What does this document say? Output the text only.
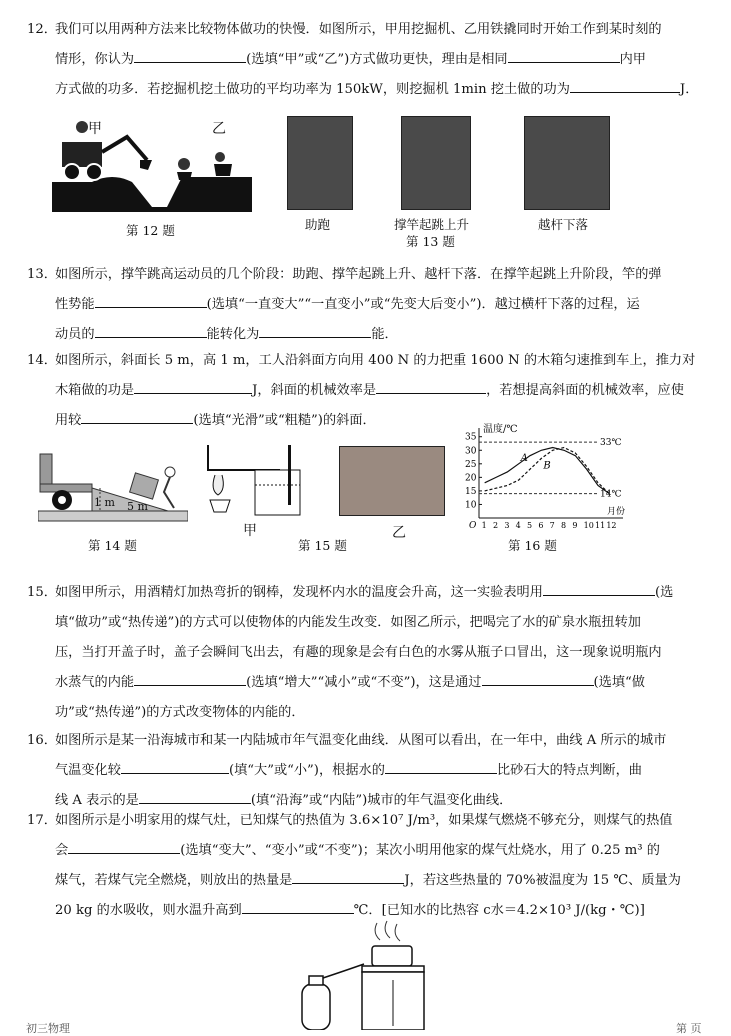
12．
我们可以用两种方法来比较物体做功的快慢．如图所示，甲用挖掘机、乙用铁撬同时开始工作到某时刻的
情形，你认为	(选填“甲”或“乙”)方式做功更快，理由是相同	内甲
方式做的功多．若挖掘机挖土做功的平均功率为 150kW，则挖掘机 1min 挖土做的功为	J．
甲	乙
第 12 题	助跑	撑竿起跳上升	越杆下落
第 13 题
13．
如图所示，撑竿跳高运动员的几个阶段：助跑、撑竿起跳上升、越杆下落．在撑竿起跳上升阶段，竿的弹
性势能	(选填“一直变大”“一直变小”或“先变大后变小”)．越过横杆下落的过程，运
动员的	能转化为	能．
14．
如图所示，斜面长 5 m，高 1 m，工人沿斜面方向用 400 N 的力把重 1600 N 的木箱匀速推到车上，推力对
木箱做的功是	J，斜面的机械效率是	，若想提高斜面的机械效率，应使
用较	(选填“光滑”或“粗糙”)的斜面．
1 m 5 m
第 14 题
甲	乙
第 15 题
温度/℃
月份
O
10
15
20
25
30
35
1 2 3 4 5 6 7 8 9 10 11 12
33℃
14℃
A
B
第 16 题
15．
如图甲所示，用酒精灯加热弯折的钢棒，发现杯内水的温度会升高，这一实验表明用	(选
填“做功”或“热传递”)的方式可以使物体的内能发生改变．如图乙所示，把喝完了水的矿泉水瓶扭转加
压，当打开盖子时，盖子会瞬间飞出去，有趣的现象是会有白色的水雾从瓶子口冒出，这一现象说明瓶内
水蒸气的内能	(选填“增大”“减小”或“不变”)，这是通过	(选填“做
功”或“热传递”)的方式改变物体的内能的．
16．
如图所示是某一沿海城市和某一内陆城市年气温变化曲线．从图可以看出，在一年中，曲线 A 所示的城市
气温变化较	(填“大”或“小”)，根据水的	比砂石大的特点判断，曲
线 A 表示的是	(填“沿海”或“内陆”)城市的年气温变化曲线．
17．
如图所示是小明家用的煤气灶，已知煤气的热值为 3.6×10⁷ J/m³，如果煤气燃烧不够充分，则煤气的热值
会	(选填“变大”、“变小”或“不变”)；某次小明用他家的煤气灶烧水，用了 0.25 m³ 的
煤气，若煤气完全燃烧，则放出的热量是	J，若这些热量的 70%被温度为 15 ℃、质量为
20 kg 的水吸收，则水温升高到	℃．[已知水的比热容 c水＝4.2×10³ J/(kg・℃)]
初三物理	第 页
